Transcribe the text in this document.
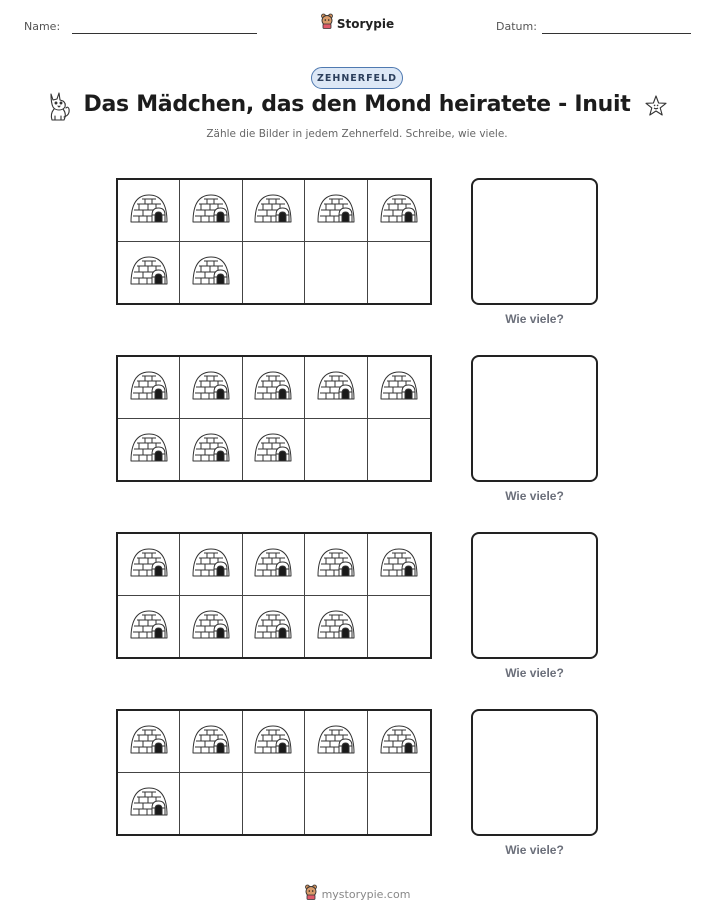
Name:	Storypie	Datum:
ZEHNERFELD
Das Mädchen, das den Mond heiratete - Inuit
Zähle die Bilder in jedem Zehnerfeld. Schreibe, wie viele.
Wie viele?
Wie viele?
Wie viele?
Wie viele?
mystorypie.com
